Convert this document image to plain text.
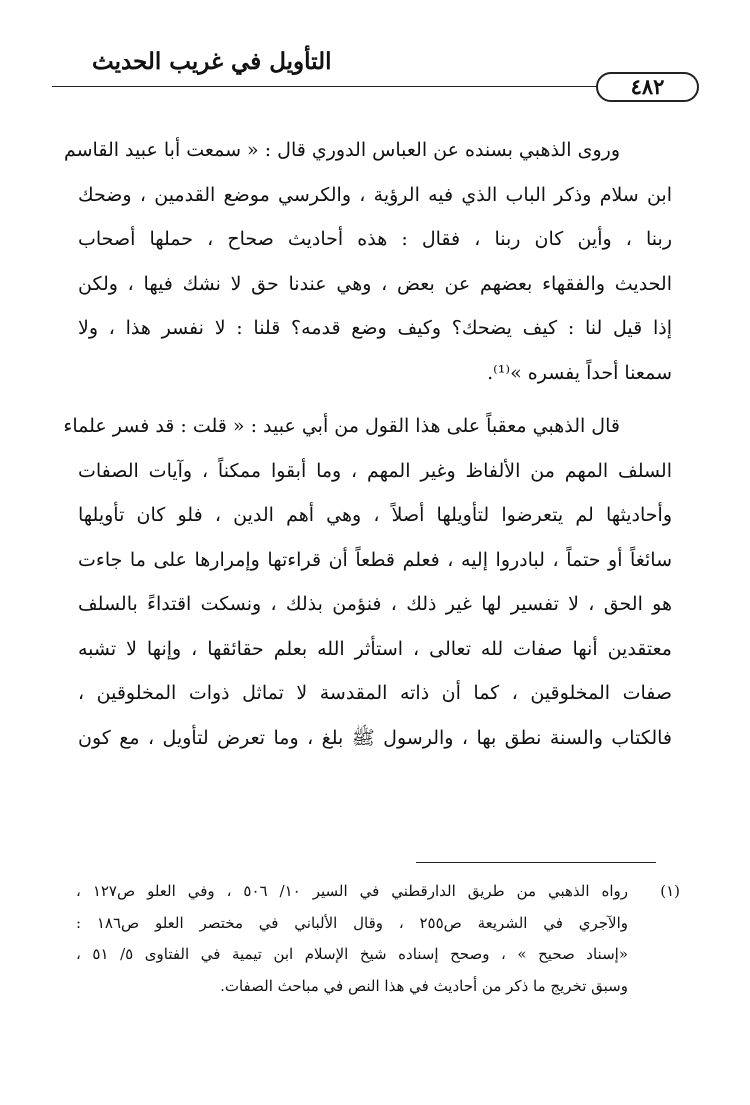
التأويل في غريب الحديث
٤٨٢

وروى الذهبي بسنده عن العباس الدوري قال : « سمعت أبا عبيد القاسم
ابن سلام وذكر الباب الذي فيه الرؤية ، والكرسي موضع القدمين ، وضحك
ربنا ، وأين كان ربنا ، فقال : هذه أحاديث صحاح ، حملها أصحاب
الحديث والفقهاء بعضهم عن بعض ، وهي عندنا حق لا نشك فيها ، ولكن
إذا قيل لنا : كيف يضحك؟ وكيف وضع قدمه؟ قلنا : لا نفسر هذا ، ولا
سمعنا أحداً يفسره »⁽¹⁾.

قال الذهبي معقباً على هذا القول من أبي عبيد : « قلت : قد فسر علماء
السلف المهم من الألفاظ وغير المهم ، وما أبقوا ممكناً ، وآيات الصفات
وأحاديثها لم يتعرضوا لتأويلها أصلاً ، وهي أهم الدين ، فلو كان تأويلها
سائغاً أو حتماً ، لبادروا إليه ، فعلم قطعاً أن قراءتها وإمرارها على ما جاءت
هو الحق ، لا تفسير لها غير ذلك ، فنؤمن بذلك ، ونسكت اقتداءً بالسلف
معتقدين أنها صفات لله تعالى ، استأثر الله بعلم حقائقها ، وإنها لا تشبه
صفات المخلوقين ، كما أن ذاته المقدسة لا تماثل ذوات المخلوقين ،
فالكتاب والسنة نطق بها ، والرسول ﷺ بلغ ، وما تعرض لتأويل ، مع كون

(١)
رواه الذهبي من طريق الدارقطني في السير ١٠/ ٥٠٦ ، وفي العلو ص١٢٧ ،
والآجري في الشريعة ص٢٥٥ ، وقال الألباني في مختصر العلو ص١٨٦ :
«إسناد صحيح » ، وصحح إسناده شيخ الإسلام ابن تيمية في الفتاوى ٥/ ٥١ ،
وسبق تخريج ما ذكر من أحاديث في هذا النص في مباحث الصفات.
